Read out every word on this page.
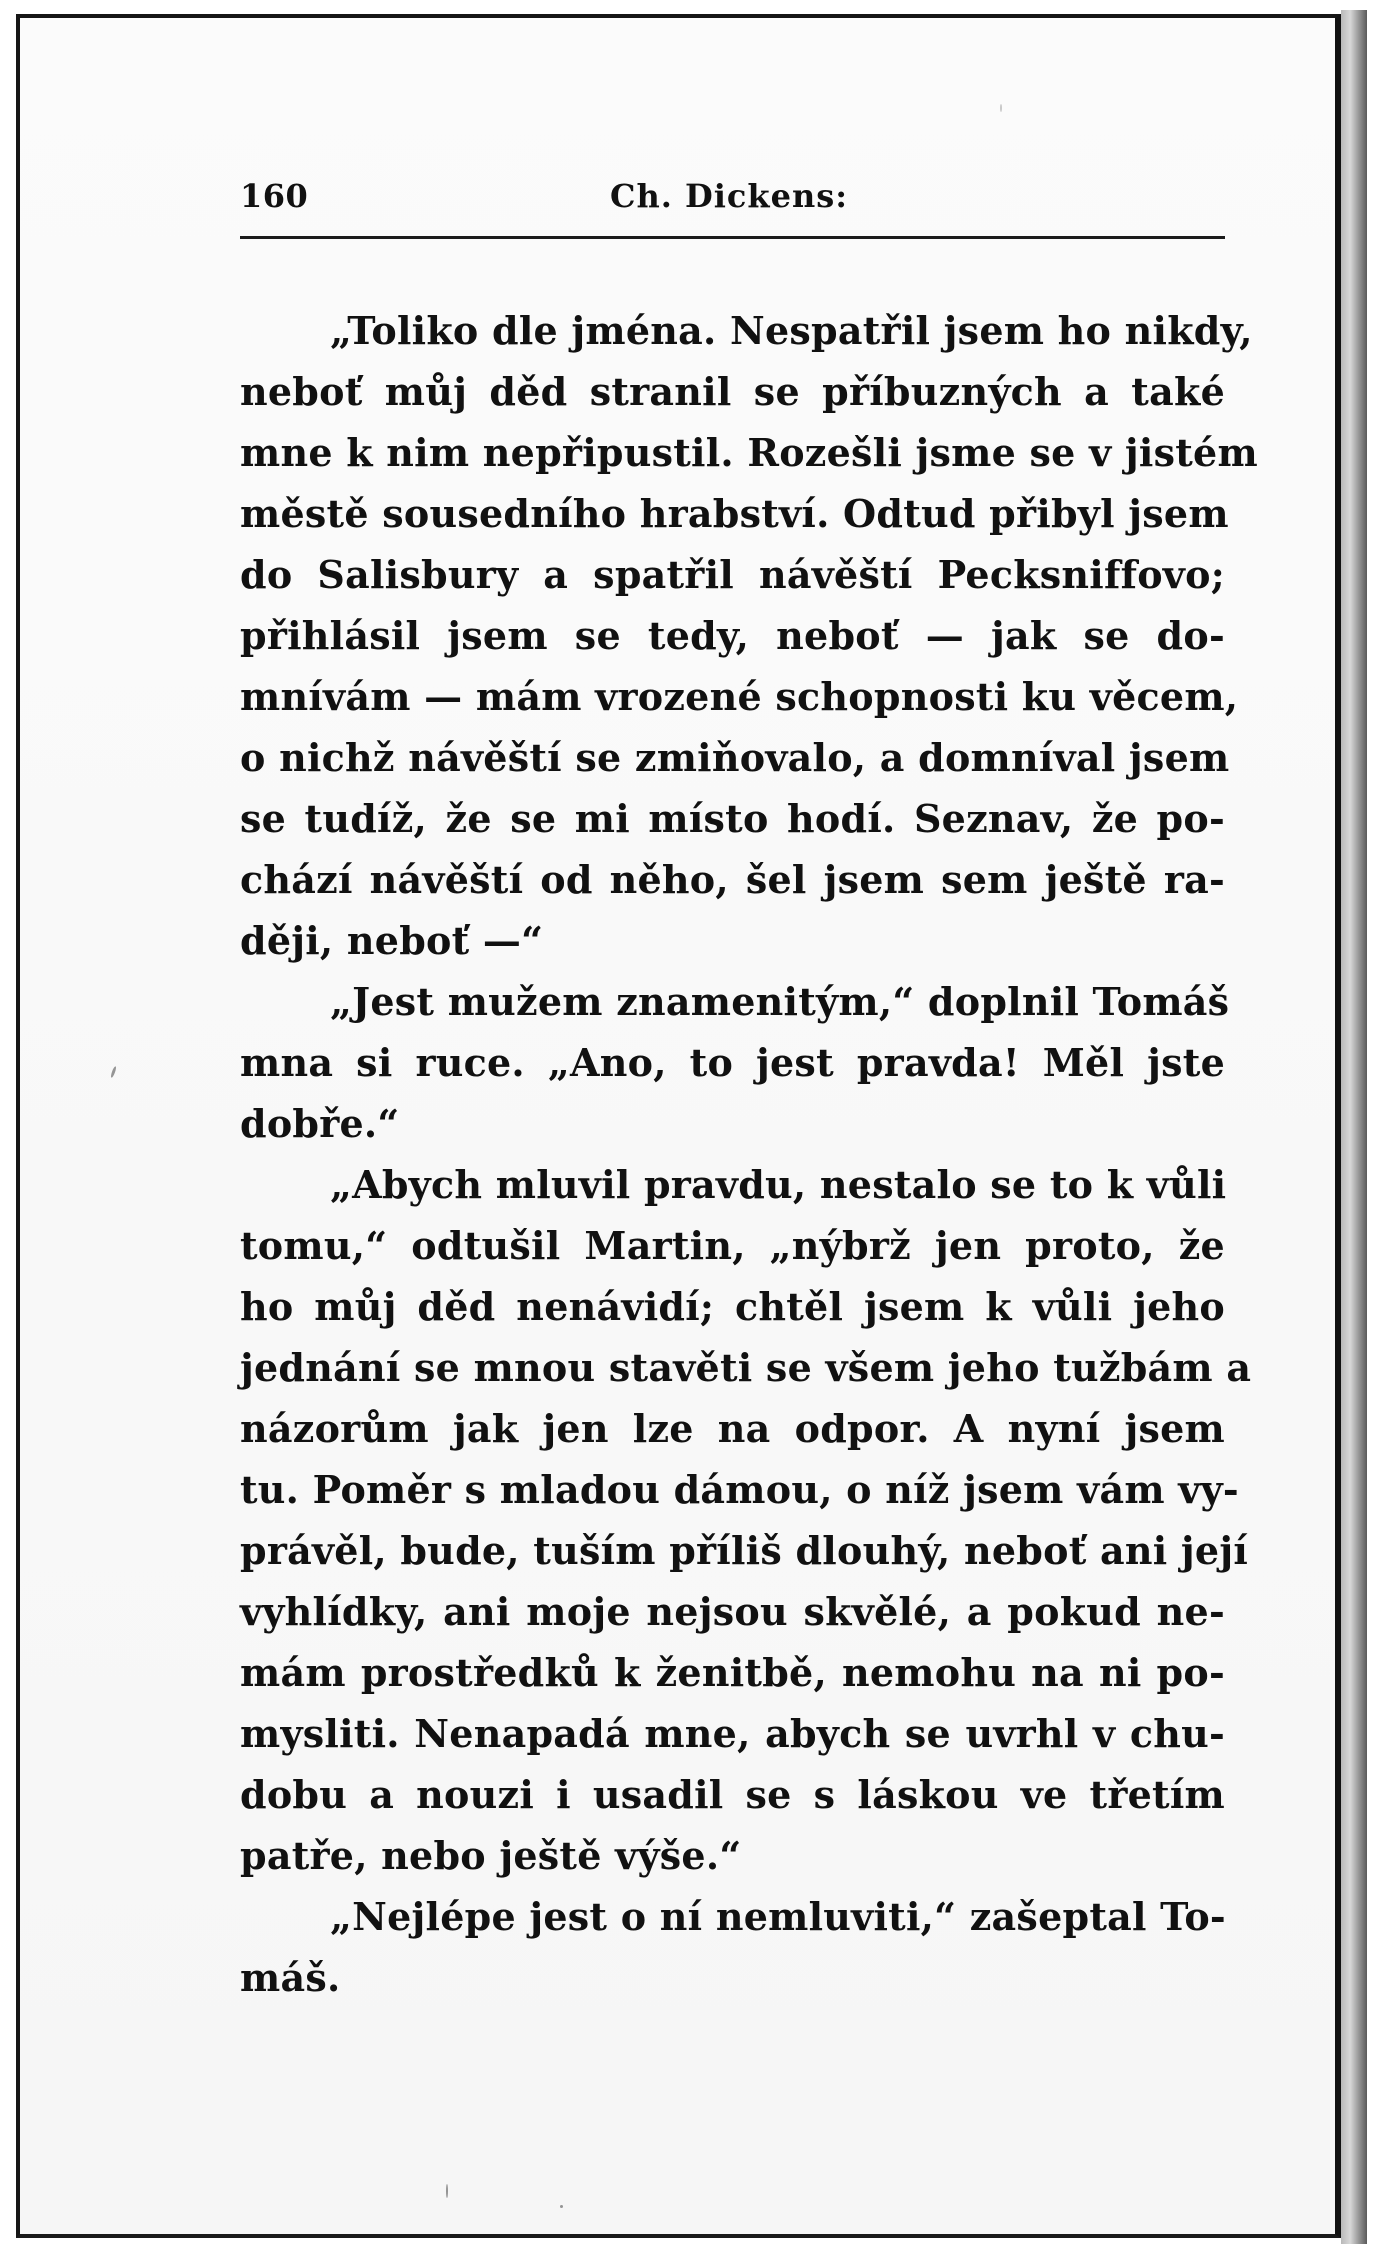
160	Ch. Dickens:
„Toliko dle jména. Nespatřil jsem ho nikdy,
neboť můj děd stranil se příbuzných a také
mne k nim nepřipustil. Rozešli jsme se v jistém
městě sousedního hrabství. Odtud přibyl jsem
do Salisbury a spatřil návěští Pecksniffovo;
přihlásil jsem se tedy, neboť — jak se do-
mnívám — mám vrozené schopnosti ku věcem,
o nichž návěští se zmiňovalo, a domníval jsem
se tudíž, že se mi místo hodí. Seznav, že po-
chází návěští od něho, šel jsem sem ještě ra-
ději, neboť —“
„Jest mužem znamenitým,“ doplnil Tomáš
mna si ruce. „Ano, to jest pravda! Měl jste
dobře.“
„Abych mluvil pravdu, nestalo se to k vůli
tomu,“ odtušil Martin, „nýbrž jen proto, že
ho můj děd nenávidí; chtěl jsem k vůli jeho
jednání se mnou stavěti se všem jeho tužbám a
názorům jak jen lze na odpor. A nyní jsem
tu. Poměr s mladou dámou, o níž jsem vám vy-
právěl, bude, tuším příliš dlouhý, neboť ani její
vyhlídky, ani moje nejsou skvělé, a pokud ne-
mám prostředků k ženitbě, nemohu na ni po-
mysliti. Nenapadá mne, abych se uvrhl v chu-
dobu a nouzi i usadil se s láskou ve třetím
patře, nebo ještě výše.“
„Nejlépe jest o ní nemluviti,“ zašeptal To-
máš.
